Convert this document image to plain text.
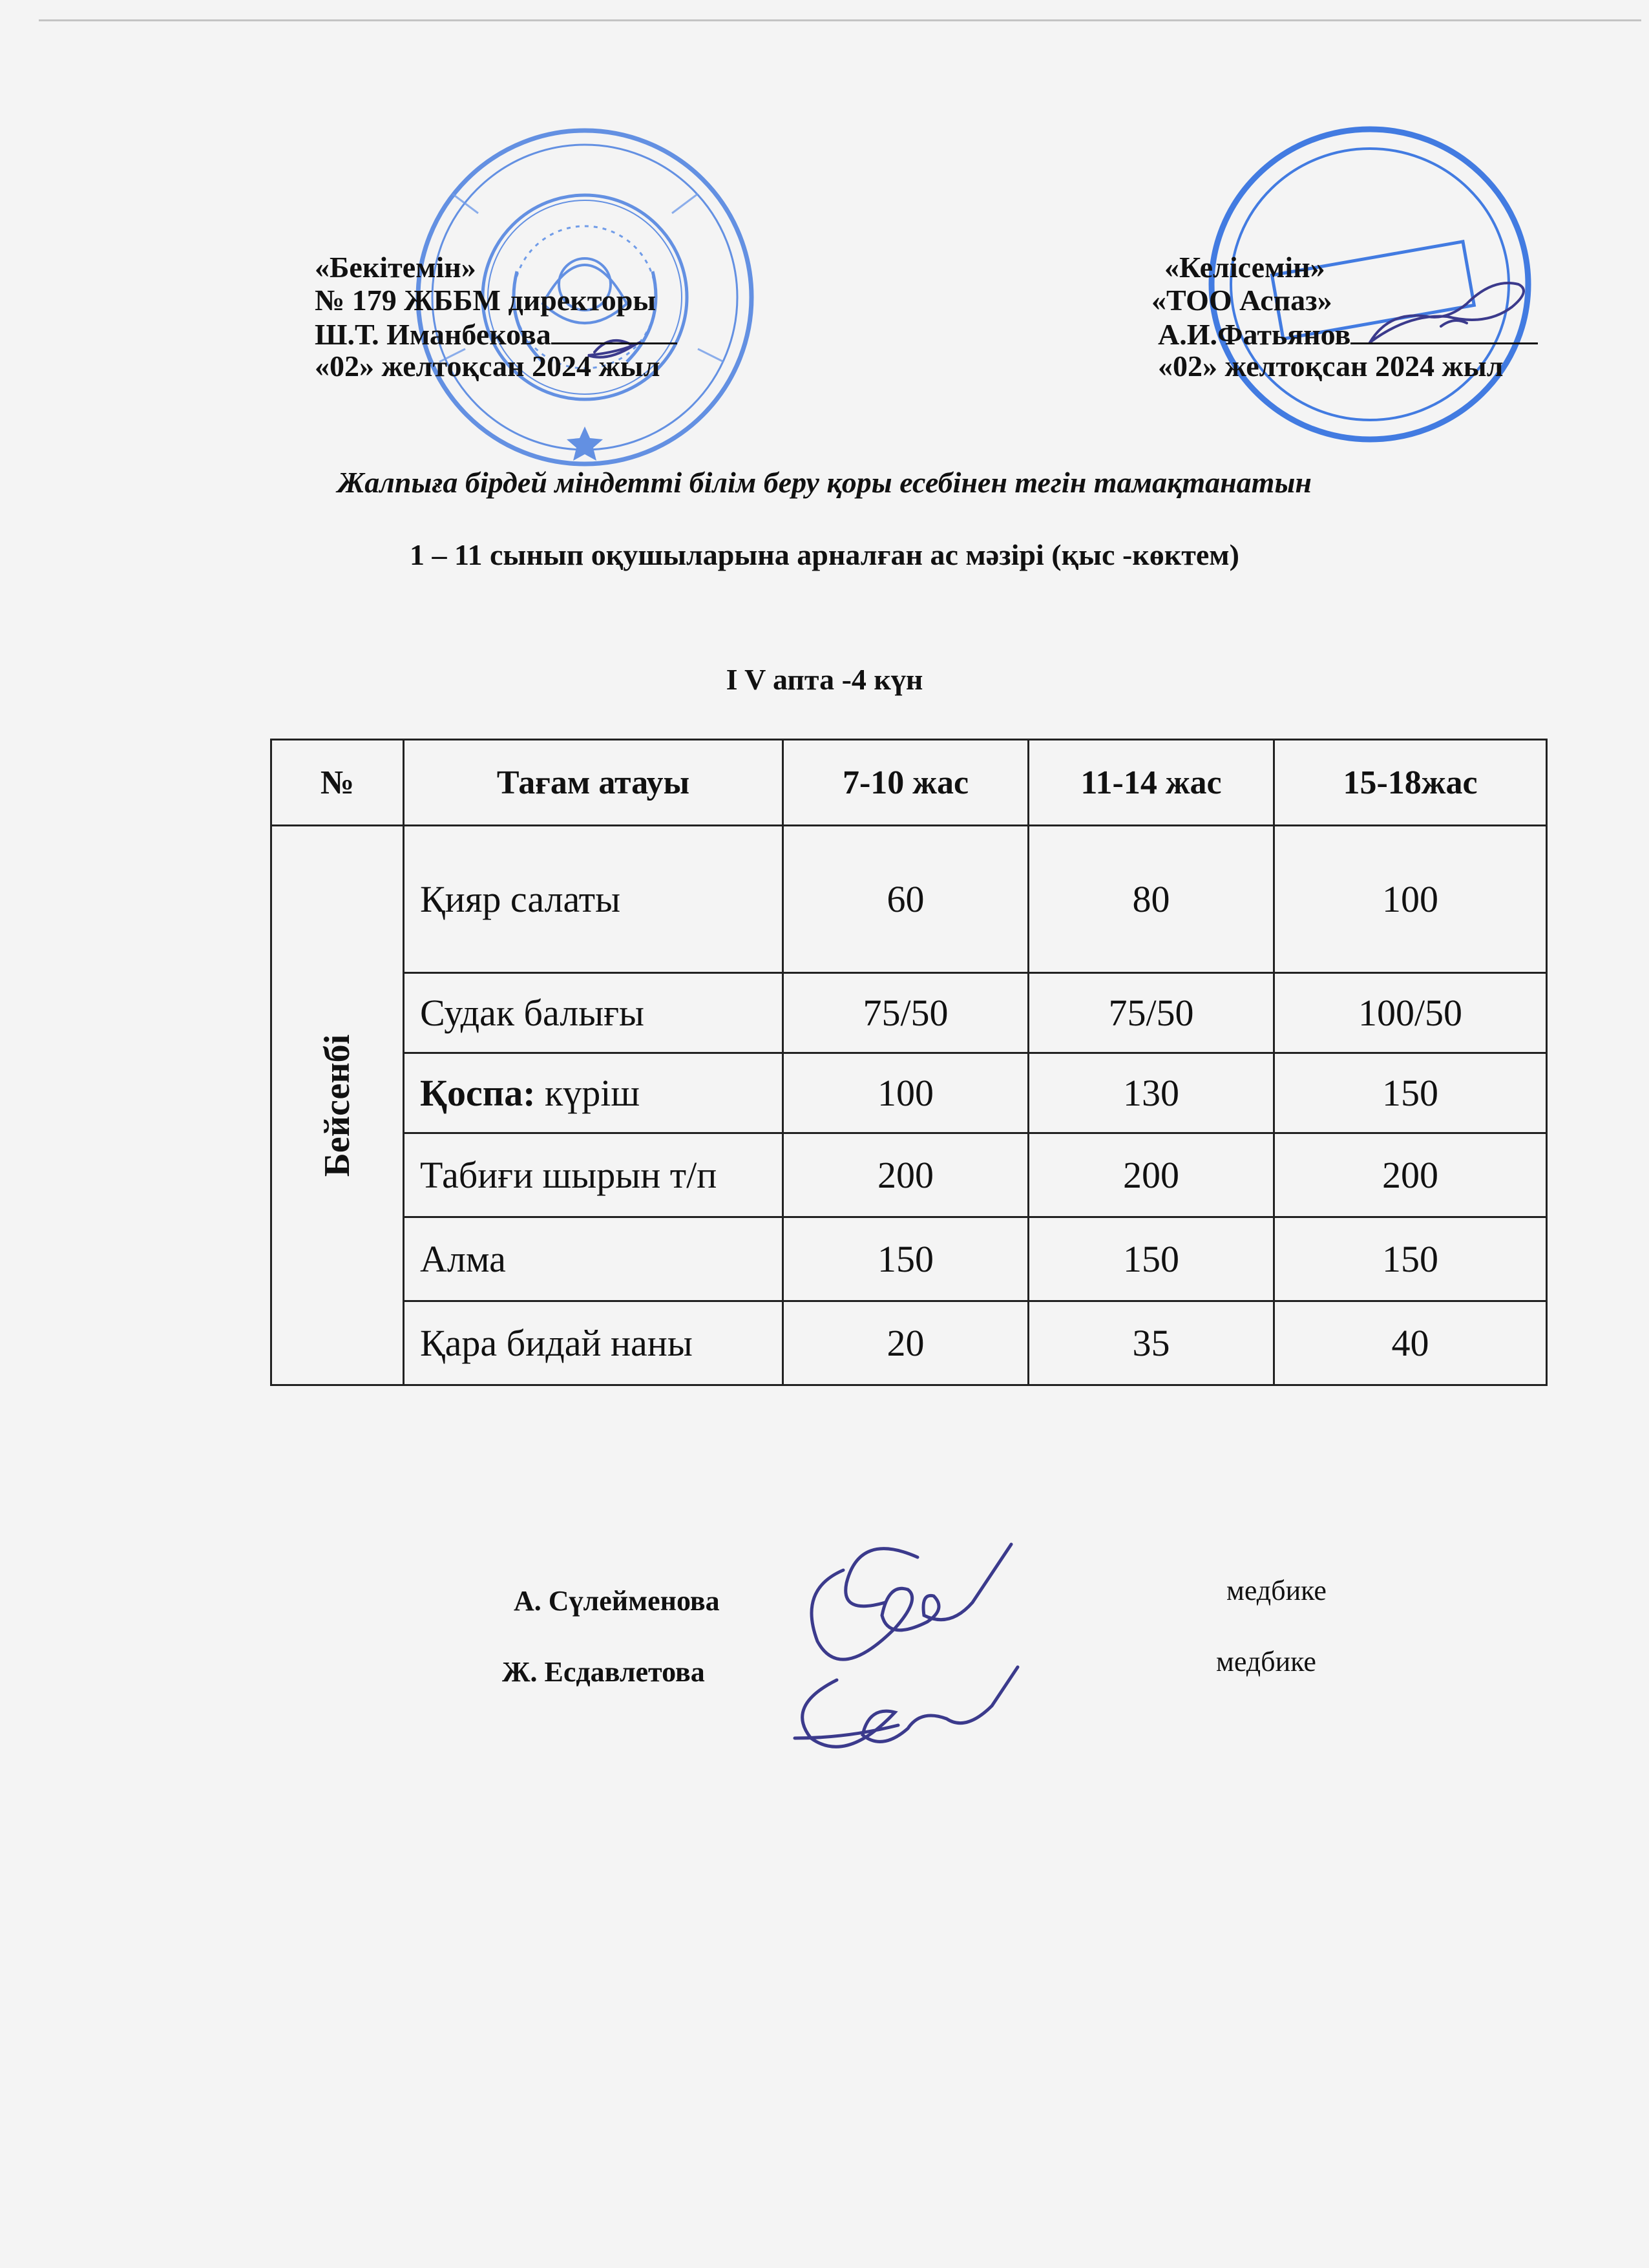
«Бекітемін»
№ 179 ЖББМ директоры
Ш.Т. Иманбекова
«02» желтоқсан 2024 жыл
«Келісемін»
«ТОО Аспаз»
А.И.Фатьянов
«02» желтоқсан 2024 жыл
Жалпыға бірдей міндетті білім беру қоры есебінен тегін тамақтанатын
1 – 11 сынып оқушыларына арналған ас мәзірі (қыс -көктем)
I V апта -4 күн
№	Тағам атауы	7-10 жас	11-14 жас	15-18жас

Бейсенбі	Қияр салаты	60	80	100
	Судак балығы	75/50	75/50	100/50
	Қоспа: күріш	100	130	150
	Табиғи шырын т/п	200	200	200
	Алма	150	150	150
	Қара бидай наны	20	35	40
А. Сүлейменова	медбике
Ж. Есдавлетова	медбике
